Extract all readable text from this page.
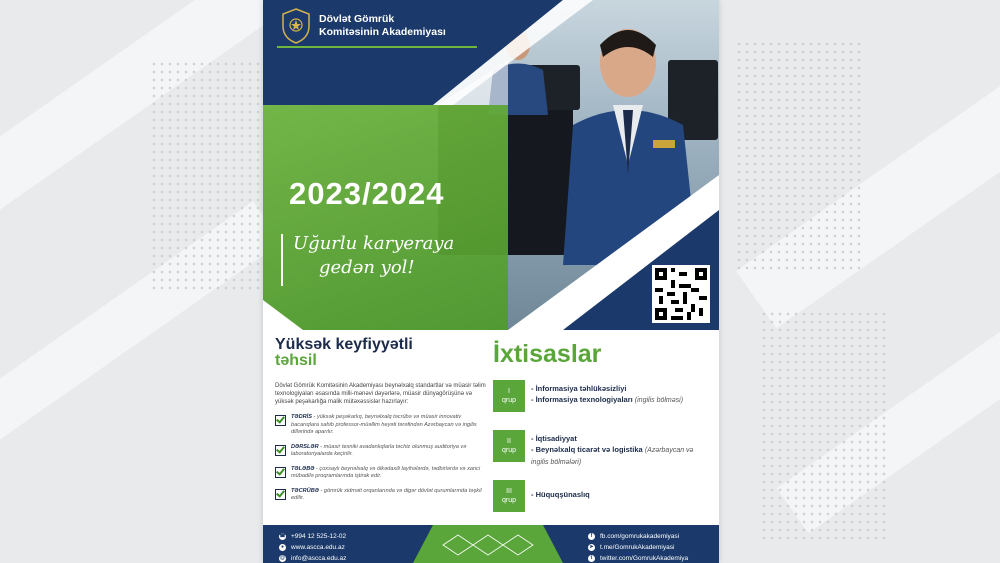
Dövlət Gömrük
Komitəsinin Akademiyası
2023/2024
Uğurlu karyeraya
gedən yol!
Yüksək keyfiyyətli
təhsil
Dövlət Gömrük Komitəsinin Akademiyası beynəlxalq standartlar və müasir təlim texnologiyaları əsasında milli-mənəvi dəyərlərə, müasir dünyagörüşünə və yüksək peşəkarlığa malik mütəxəssislər hazırlayır:
TƏDRİS - yüksək peşəkarlıq, beynəlxalq təcrübə və müasir innovativ bacarıqlara sahib professor-müəllim heyəti tərəfindən Azərbaycan və ingilis dillərində aparılır.
DƏRSLƏR - müasir texniki avadanlıqlarla təchiz olunmuş auditoriya və laboratoriyalarda keçirilir.
TƏLƏBƏ - çoxsaylı beynəlxalq və ölkədaxili layihələrdə, tədbirlərdə və xarici mübadilə proqramlarında iştirak edir.
TƏCRÜBƏ - gömrük xidməti orqanlarında və digər dövlət qurumlarında təşkil edilir.
İxtisaslar
I
qrup
- İnformasiya təhlükəsizliyi
- İnformasiya texnologiyaları (ingilis bölməsi)
II
qrup
- İqtisadiyyat
- Beynəlxalq ticarət və logistika (Azərbaycan və ingilis bölmələri)
III
qrup
- Hüquqşünaslıq
☎ +994 12 525-12-02
●	www.ascca.edu.az
@ info@ascca.edu.az
f	fb.com/gomrukakademiyasi
➤ t.me/GomrukAkademiyasi
t	twitter.com/GomrukAkademiya
